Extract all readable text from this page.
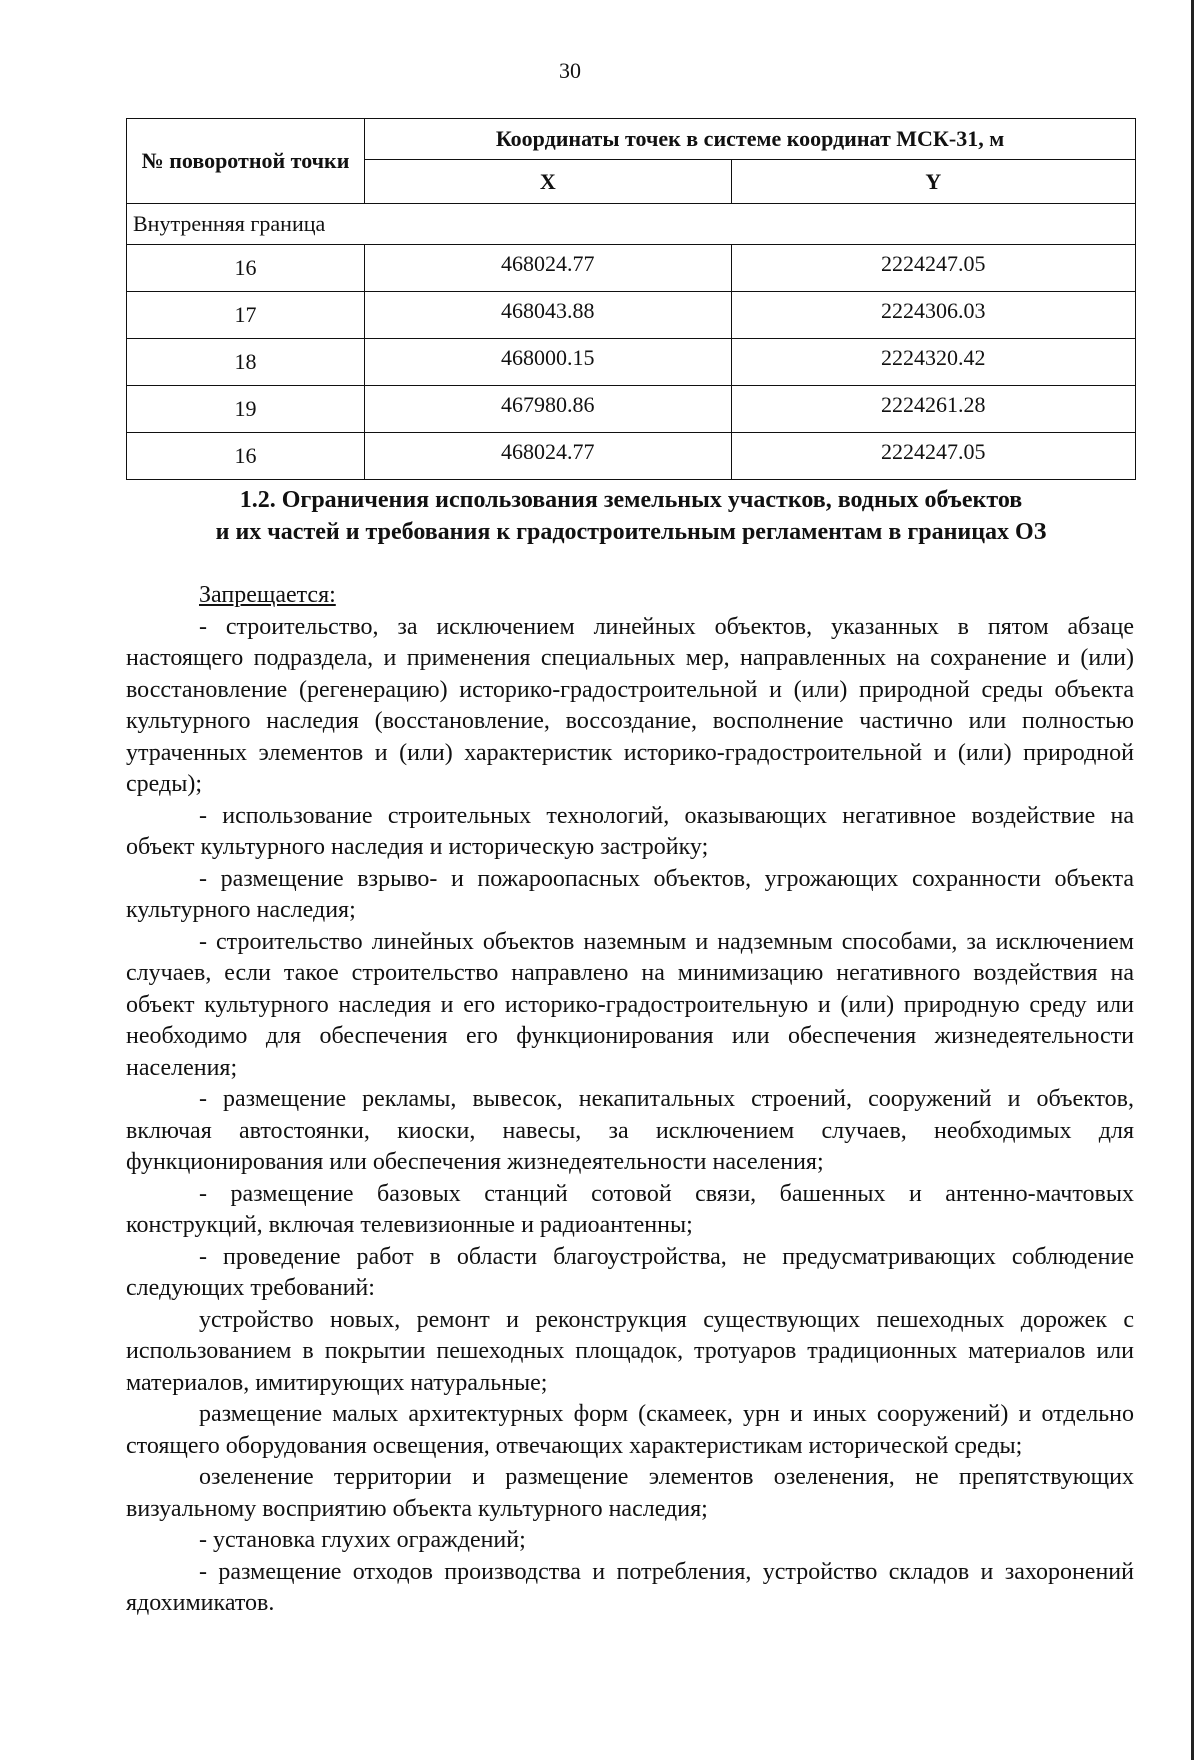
30
№ поворотной точки	Координаты точек в системе координат МСК-31, м	
	X	Y
Внутренняя граница		
16	468024.77	2224247.05
17	468043.88	2224306.03
18	468000.15	2224320.42
19	467980.86	2224261.28
16	468024.77	2224247.05
1.2. Ограничения использования земельных участков, водных объектов
и их частей и требования к градостроительным регламентам в границах ОЗ

Запрещается:

- строительство, за исключением линейных объектов, указанных в пятом абзаце настоящего подраздела, и применения специальных мер, направленных на сохранение и (или) восстановление (регенерацию) историко-градостроительной и (или) природной среды объекта культурного наследия (восстановление, воссоздание, восполнение частично или полностью утраченных элементов и (или) характеристик историко-градостроительной и (или) природной среды);

- использование строительных технологий, оказывающих негативное воздействие на объект культурного наследия и историческую застройку;

- размещение взрыво- и пожароопасных объектов, угрожающих сохранности объекта культурного наследия;

- строительство линейных объектов наземным и надземным способами, за исключением случаев, если такое строительство направлено на минимизацию негативного воздействия на объект культурного наследия и его историко-градостроительную и (или) природную среду или необходимо для обеспечения его функционирования или обеспечения жизнедеятельности населения;

- размещение рекламы, вывесок, некапитальных строений, сооружений и объектов, включая автостоянки, киоски, навесы, за исключением случаев, необходимых для функционирования или обеспечения жизнедеятельности населения;

- размещение базовых станций сотовой связи, башенных и антенно-мачтовых конструкций, включая телевизионные и радиоантенны;

- проведение работ в области благоустройства, не предусматривающих соблюдение следующих требований:

устройство новых, ремонт и реконструкция существующих пешеходных дорожек с использованием в покрытии пешеходных площадок, тротуаров традиционных материалов или материалов, имитирующих натуральные;

размещение малых архитектурных форм (скамеек, урн и иных сооружений) и отдельно стоящего оборудования освещения, отвечающих характеристикам исторической среды;

озеленение территории и размещение элементов озеленения, не препятствующих визуальному восприятию объекта культурного наследия;

- установка глухих ограждений;

- размещение отходов производства и потребления, устройство складов и захоронений ядохимикатов.
